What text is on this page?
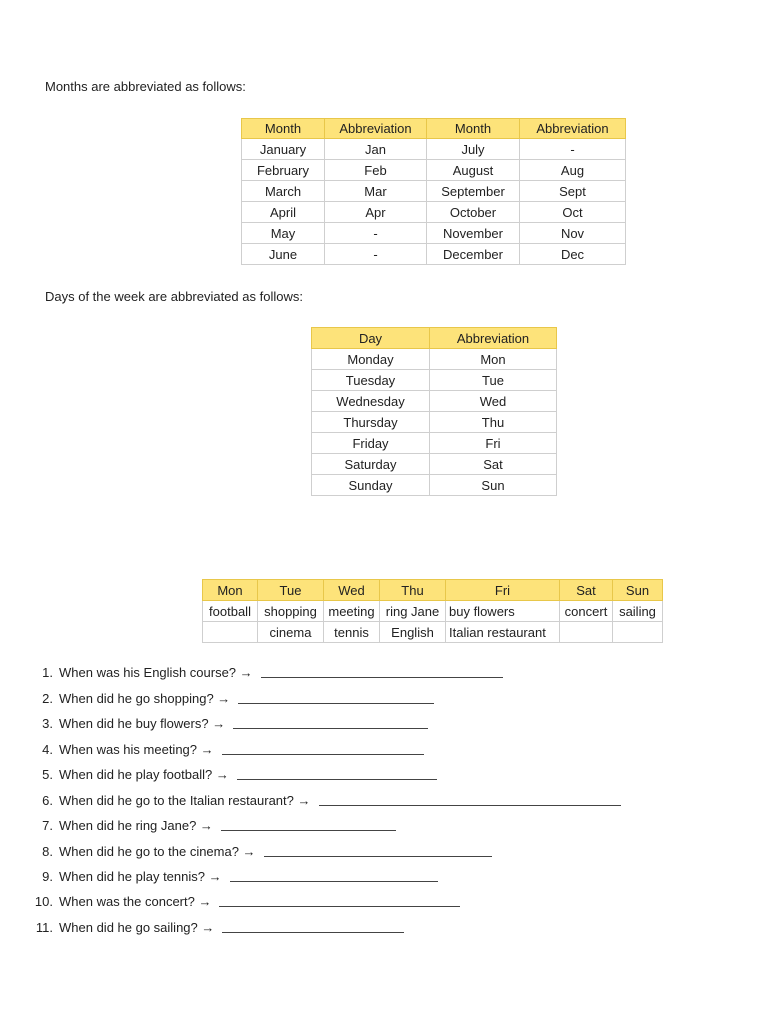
Months are abbreviated as follows:
Month	Abbreviation	Month	Abbreviation
January	Jan	July	-
February	Feb	August	Aug
March	Mar	September	Sept
April	Apr	October	Oct
May	-	November	Nov
June	-	December	Dec
Days of the week are abbreviated as follows:
Day	Abbreviation
Monday	Mon
Tuesday	Tue
Wednesday	Wed
Thursday	Thu
Friday	Fri
Saturday	Sat
Sunday	Sun
Mon	Tue	Wed	Thu	Fri	Sat	Sun
football	shopping	meeting	ring Jane	buy flowers	concert	sailing
	cinema	tennis	English	Italian restaurant		
1. When was his English course? →
2. When did he go shopping? →
3. When did he buy flowers? →
4. When was his meeting? →
5. When did he play football? →
6. When did he go to the Italian restaurant? →
7. When did he ring Jane? →
8. When did he go to the cinema? →
9. When did he play tennis? →
10. When was the concert? →
11. When did he go sailing? →
